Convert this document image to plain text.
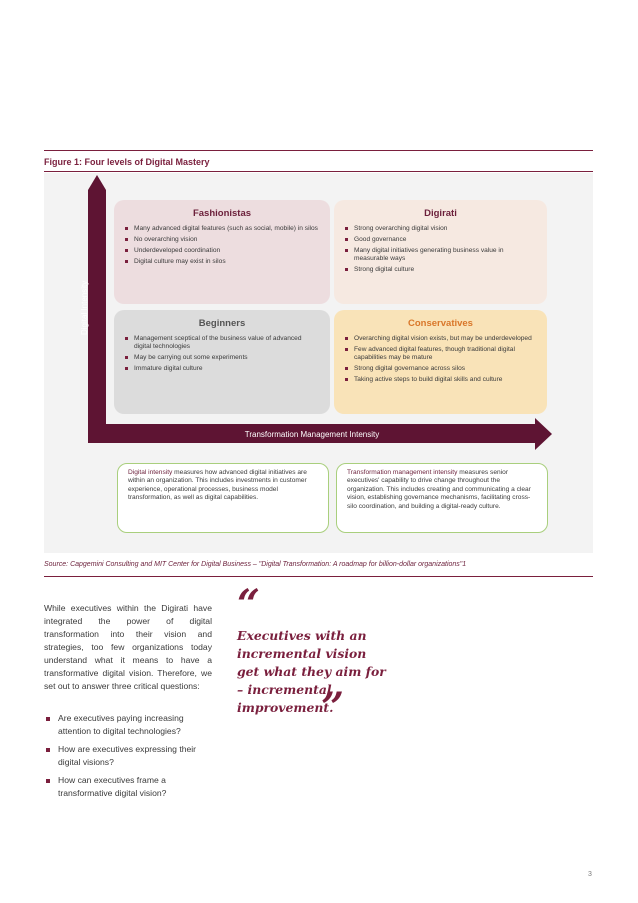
Figure 1: Four levels of Digital Mastery
Transformation Management Intensity
Fashionistas
Many advanced digital features (such as social, mobile) in silos
No overarching vision
Underdeveloped coordination
Digital culture may exist in silos
Digirati
Strong overarching digital vision
Good governance
Many digital initiatives generating business value in measurable ways
Strong digital culture
Beginners
Management sceptical of the business value of advanced digital technologies
May be carrying out some experiments
Immature digital culture
Conservatives
Overarching digital vision exists, but may be underdeveloped
Few advanced digital features, though traditional digital capabilities may be mature
Strong digital governance across silos
Taking active steps to build digital skills and culture
Digital intensity measures how advanced digital initiatives are within an organization. This includes investments in customer experience, operational processes, business model transformation, as well as digital capabilities.
Transformation management intensity measures senior executives' capability to drive change throughout the organization. This includes creating and communicating a clear vision, establishing governance mechanisms, facilitating cross-silo coordination, and building a digital-ready culture.
Source: Capgemini Consulting and MIT Center for Digital Business – "Digital Transformation: A roadmap for billion-dollar organizations"1

While executives within the Digirati have integrated the power of digital transformation into their vision and strategies, too few organizations today understand what it means to have a transformative digital vision. Therefore, we set out to answer three critical questions:

Are executives paying increasing attention to digital technologies?
How are executives expressing their digital visions?
How can executives frame a transformative digital vision?
“
Executives with an incremental vision get what they aim for – incremental improvement.
”
3
